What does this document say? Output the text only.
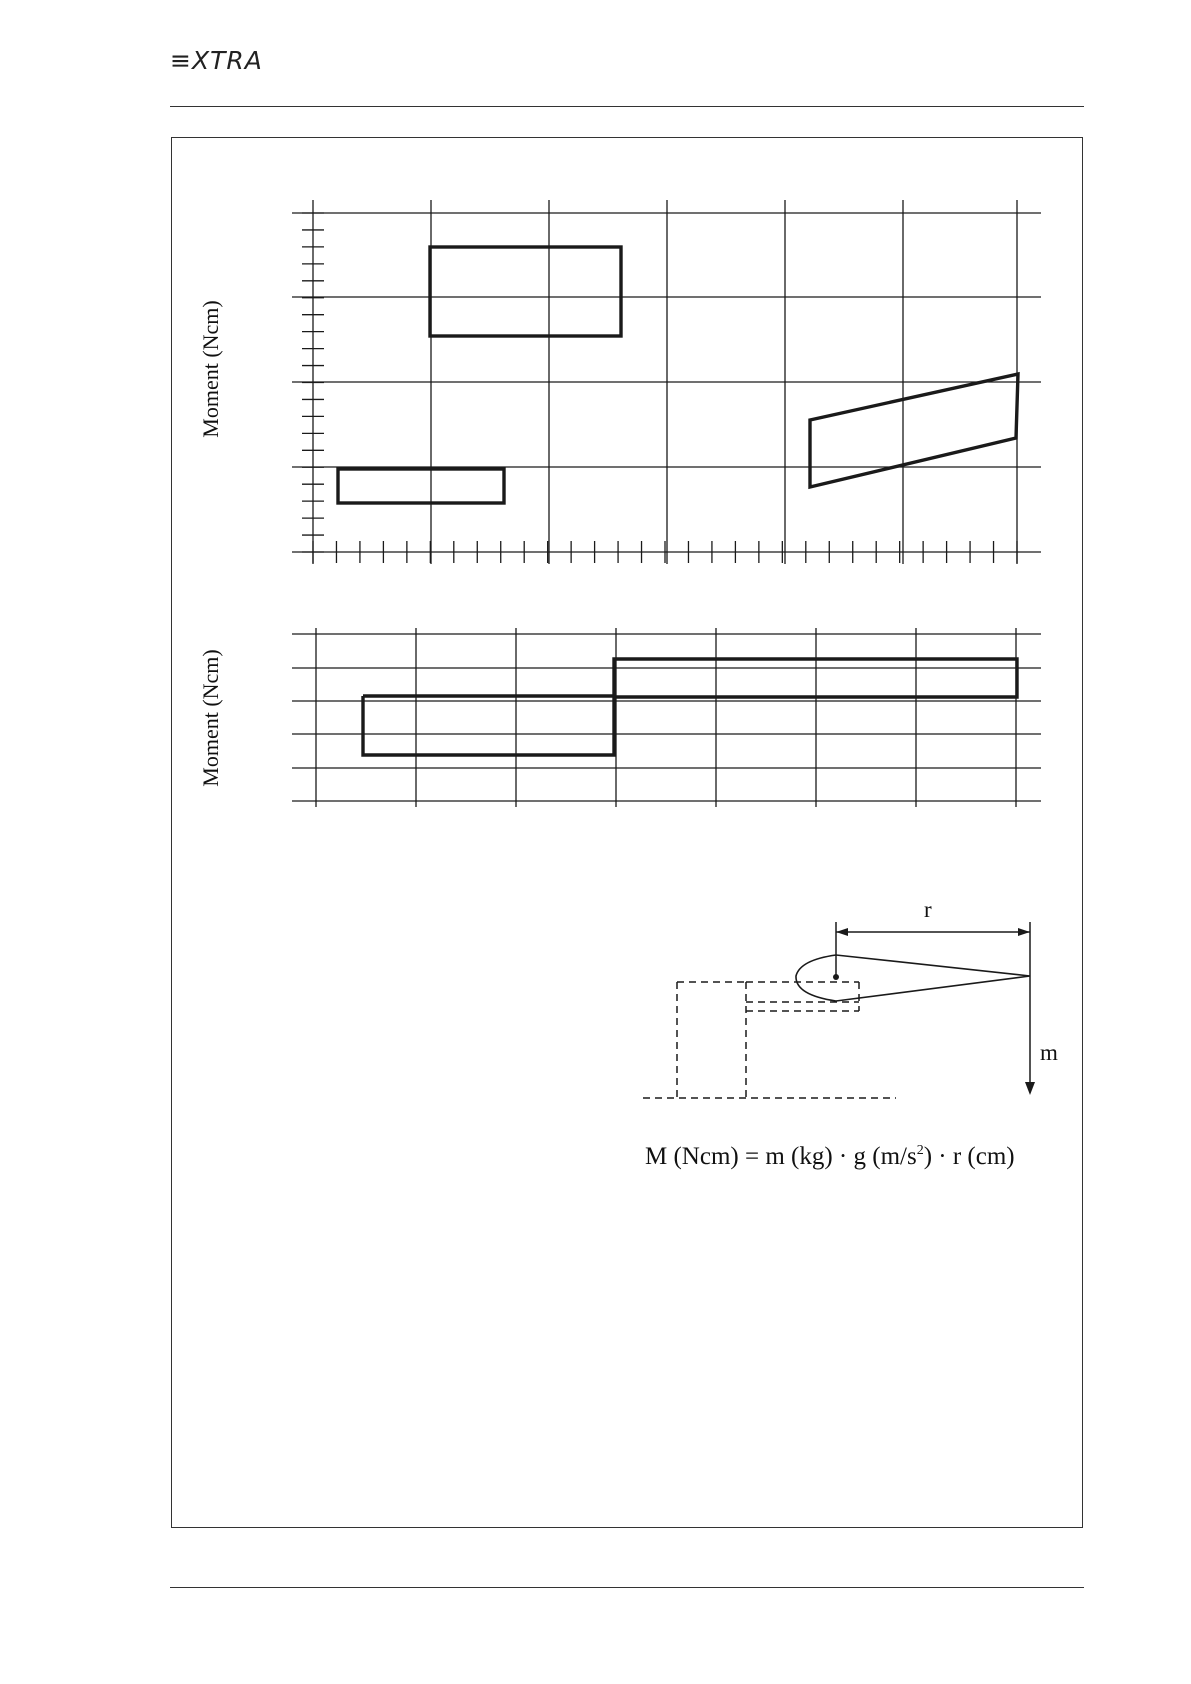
≡XTRA
Moment (Ncm)
Moment (Ncm)
r
m
M (Ncm) = m (kg) · g $(m/s^2) \cdot r$ (cm)
